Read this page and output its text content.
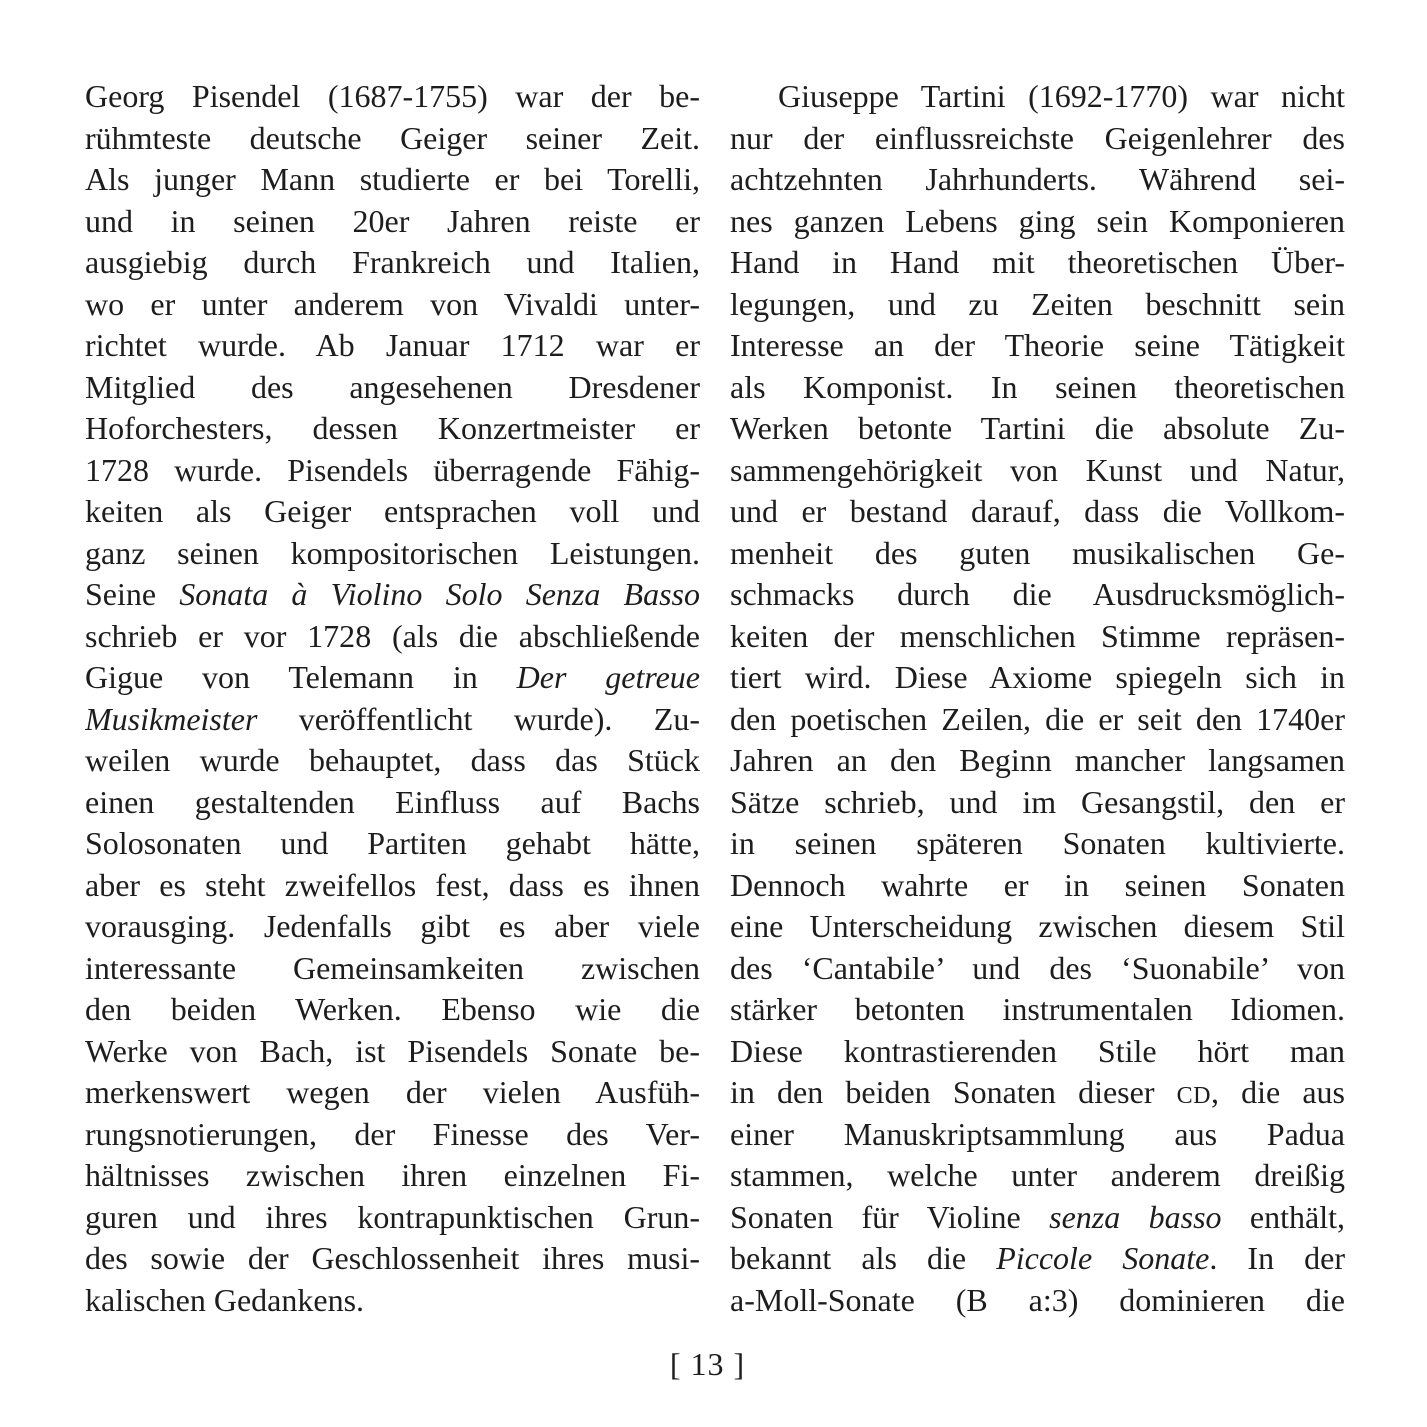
Georg Pisendel (1687-1755) war der be-
rühmteste deutsche Geiger seiner Zeit.
Als junger Mann studierte er bei Torelli,
und in seinen 20er Jahren reiste er
ausgiebig durch Frankreich und Italien,
wo er unter anderem von Vivaldi unter-
richtet wurde. Ab Januar 1712 war er
Mitglied des angesehenen Dresdener
Hoforchesters, dessen Konzertmeister er
1728 wurde. Pisendels überragende Fähig-
keiten als Geiger entsprachen voll und
ganz seinen kompositorischen Leistungen.
Seine Sonata à Violino Solo Senza Basso
schrieb er vor 1728 (als die abschließende
Gigue von Telemann in Der getreue
Musikmeister veröffentlicht wurde). Zu-
weilen wurde behauptet, dass das Stück
einen gestaltenden Einfluss auf Bachs
Solosonaten und Partiten gehabt hätte,
aber es steht zweifellos fest, dass es ihnen
vorausging. Jedenfalls gibt es aber viele
interessante Gemeinsamkeiten zwischen
den beiden Werken. Ebenso wie die
Werke von Bach, ist Pisendels Sonate be-
merkenswert wegen der vielen Ausfüh-
rungsnotierungen, der Finesse des Ver-
hältnisses zwischen ihren einzelnen Fi-
guren und ihres kontrapunktischen Grun-
des sowie der Geschlossenheit ihres musi-
kalischen Gedankens.
Giuseppe Tartini (1692-1770) war nicht
nur der einflussreichste Geigenlehrer des
achtzehnten Jahrhunderts. Während sei-
nes ganzen Lebens ging sein Komponieren
Hand in Hand mit theoretischen Über-
legungen, und zu Zeiten beschnitt sein
Interesse an der Theorie seine Tätigkeit
als Komponist. In seinen theoretischen
Werken betonte Tartini die absolute Zu-
sammengehörigkeit von Kunst und Natur,
und er bestand darauf, dass die Vollkom-
menheit des guten musikalischen Ge-
schmacks durch die Ausdrucksmöglich-
keiten der menschlichen Stimme repräsen-
tiert wird. Diese Axiome spiegeln sich in
den poetischen Zeilen, die er seit den 1740er
Jahren an den Beginn mancher langsamen
Sätze schrieb, und im Gesangstil, den er
in seinen späteren Sonaten kultivierte.
Dennoch wahrte er in seinen Sonaten
eine Unterscheidung zwischen diesem Stil
des ‘Cantabile’ und des ‘Suonabile’ von
stärker betonten instrumentalen Idiomen.
Diese kontrastierenden Stile hört man
in den beiden Sonaten dieser CD, die aus
einer Manuskriptsammlung aus Padua
stammen, welche unter anderem dreißig
Sonaten für Violine senza basso enthält,
bekannt als die Piccole Sonate. In der
a-Moll-Sonate (B a:3) dominieren die
[ 13 ]
